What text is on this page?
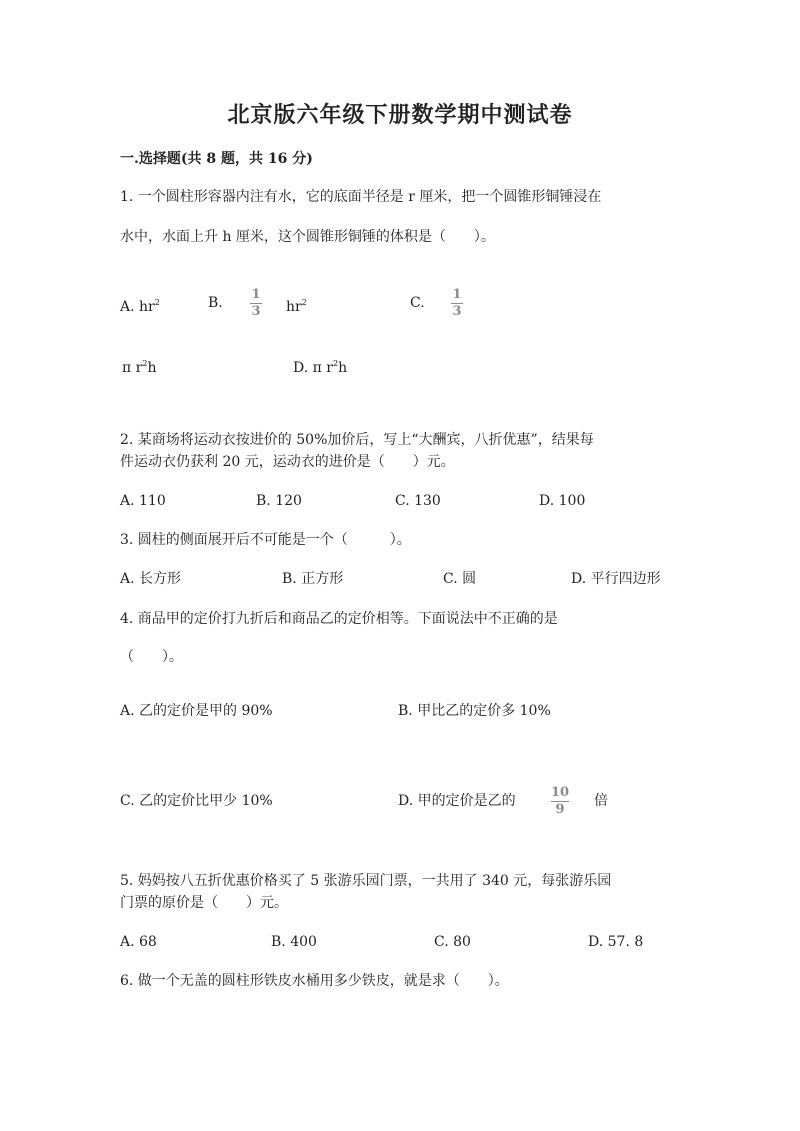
北京版六年级下册数学期中测试卷
一.选择题(共 8 题，共 16 分)
1. 一个圆柱形容器内注有水，它的底面半径是 r 厘米，把一个圆锥形铜锤浸在
水中，水面上升 h 厘米，这个圆锥形铜锤的体积是（　　）。
A. $hr^2$	B.
1
3 $hr^2$	C.
1
3
π $r^2h$	D. π $r^2h$
2. 某商场将运动衣按进价的 50%加价后，写上“大酬宾，八折优惠”，结果每
件运动衣仍获利 20 元，运动衣的进价是（　　）元。
A. 110	B. 120	C. 130	D. 100
3. 圆柱的侧面展开后不可能是一个（　　　）。
A. 长方形	B. 正方形	C. 圆	D. 平行四边形
4. 商品甲的定价打九折后和商品乙的定价相等。下面说法中不正确的是
（　　）。
A. 乙的定价是甲的 90%	B. 甲比乙的定价多 10%
C. 乙的定价比甲少 10%	D. 甲的定价是乙的
10
9
倍
5. 妈妈按八五折优惠价格买了 5 张游乐园门票，一共用了 340 元，每张游乐园
门票的原价是（　　）元。
A. 68	B. 400	C. 80	D. 57. 8
6. 做一个无盖的圆柱形铁皮水桶用多少铁皮，就是求（　　）。
